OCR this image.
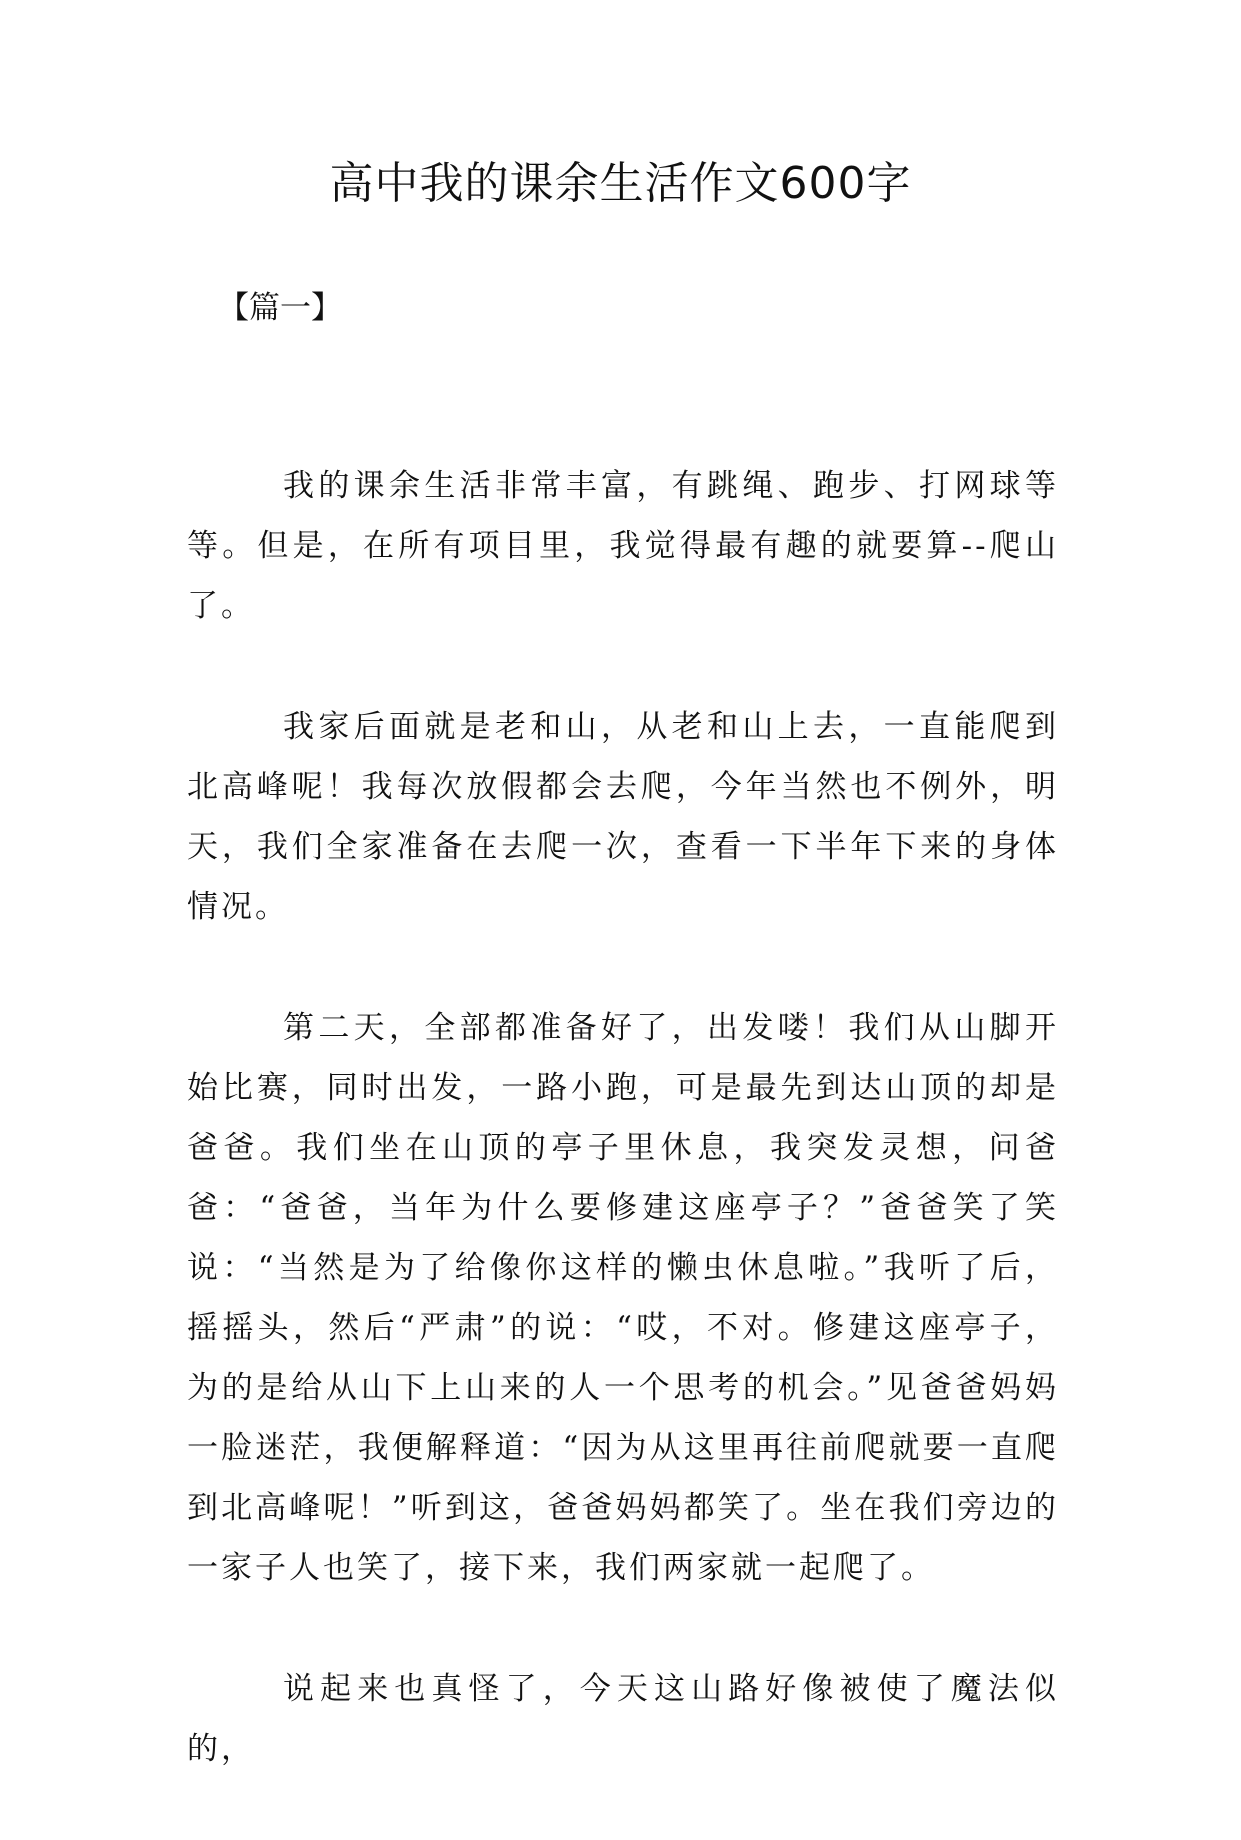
高中我的课余生活作文600字

【篇一】

我的课余生活非常丰富，有跳绳、跑步、打网球等等。但是，在所有项目里，我觉得最有趣的就要算--爬山了。

我家后面就是老和山，从老和山上去，一直能爬到北高峰呢！我每次放假都会去爬，今年当然也不例外，明天，我们全家准备在去爬一次，查看一下半年下来的身体情况。

第二天，全部都准备好了，出发喽！我们从山脚开始比赛，同时出发，一路小跑，可是最先到达山顶的却是爸爸。我们坐在山顶的亭子里休息，我突发灵想，问爸爸：“爸爸，当年为什么要修建这座亭子？”爸爸笑了笑说：“当然是为了给像你这样的懒虫休息啦。”我听了后，摇摇头，然后“严肃”的说：“哎，不对。修建这座亭子，为的是给从山下上山来的人一个思考的机会。”见爸爸妈妈一脸迷茫，我便解释道：“因为从这里再往前爬就要一直爬到北高峰呢！”听到这，爸爸妈妈都笑了。坐在我们旁边的一家子人也笑了，接下来，我们两家就一起爬了。

说起来也真怪了，今天这山路好像被使了魔法似的，
